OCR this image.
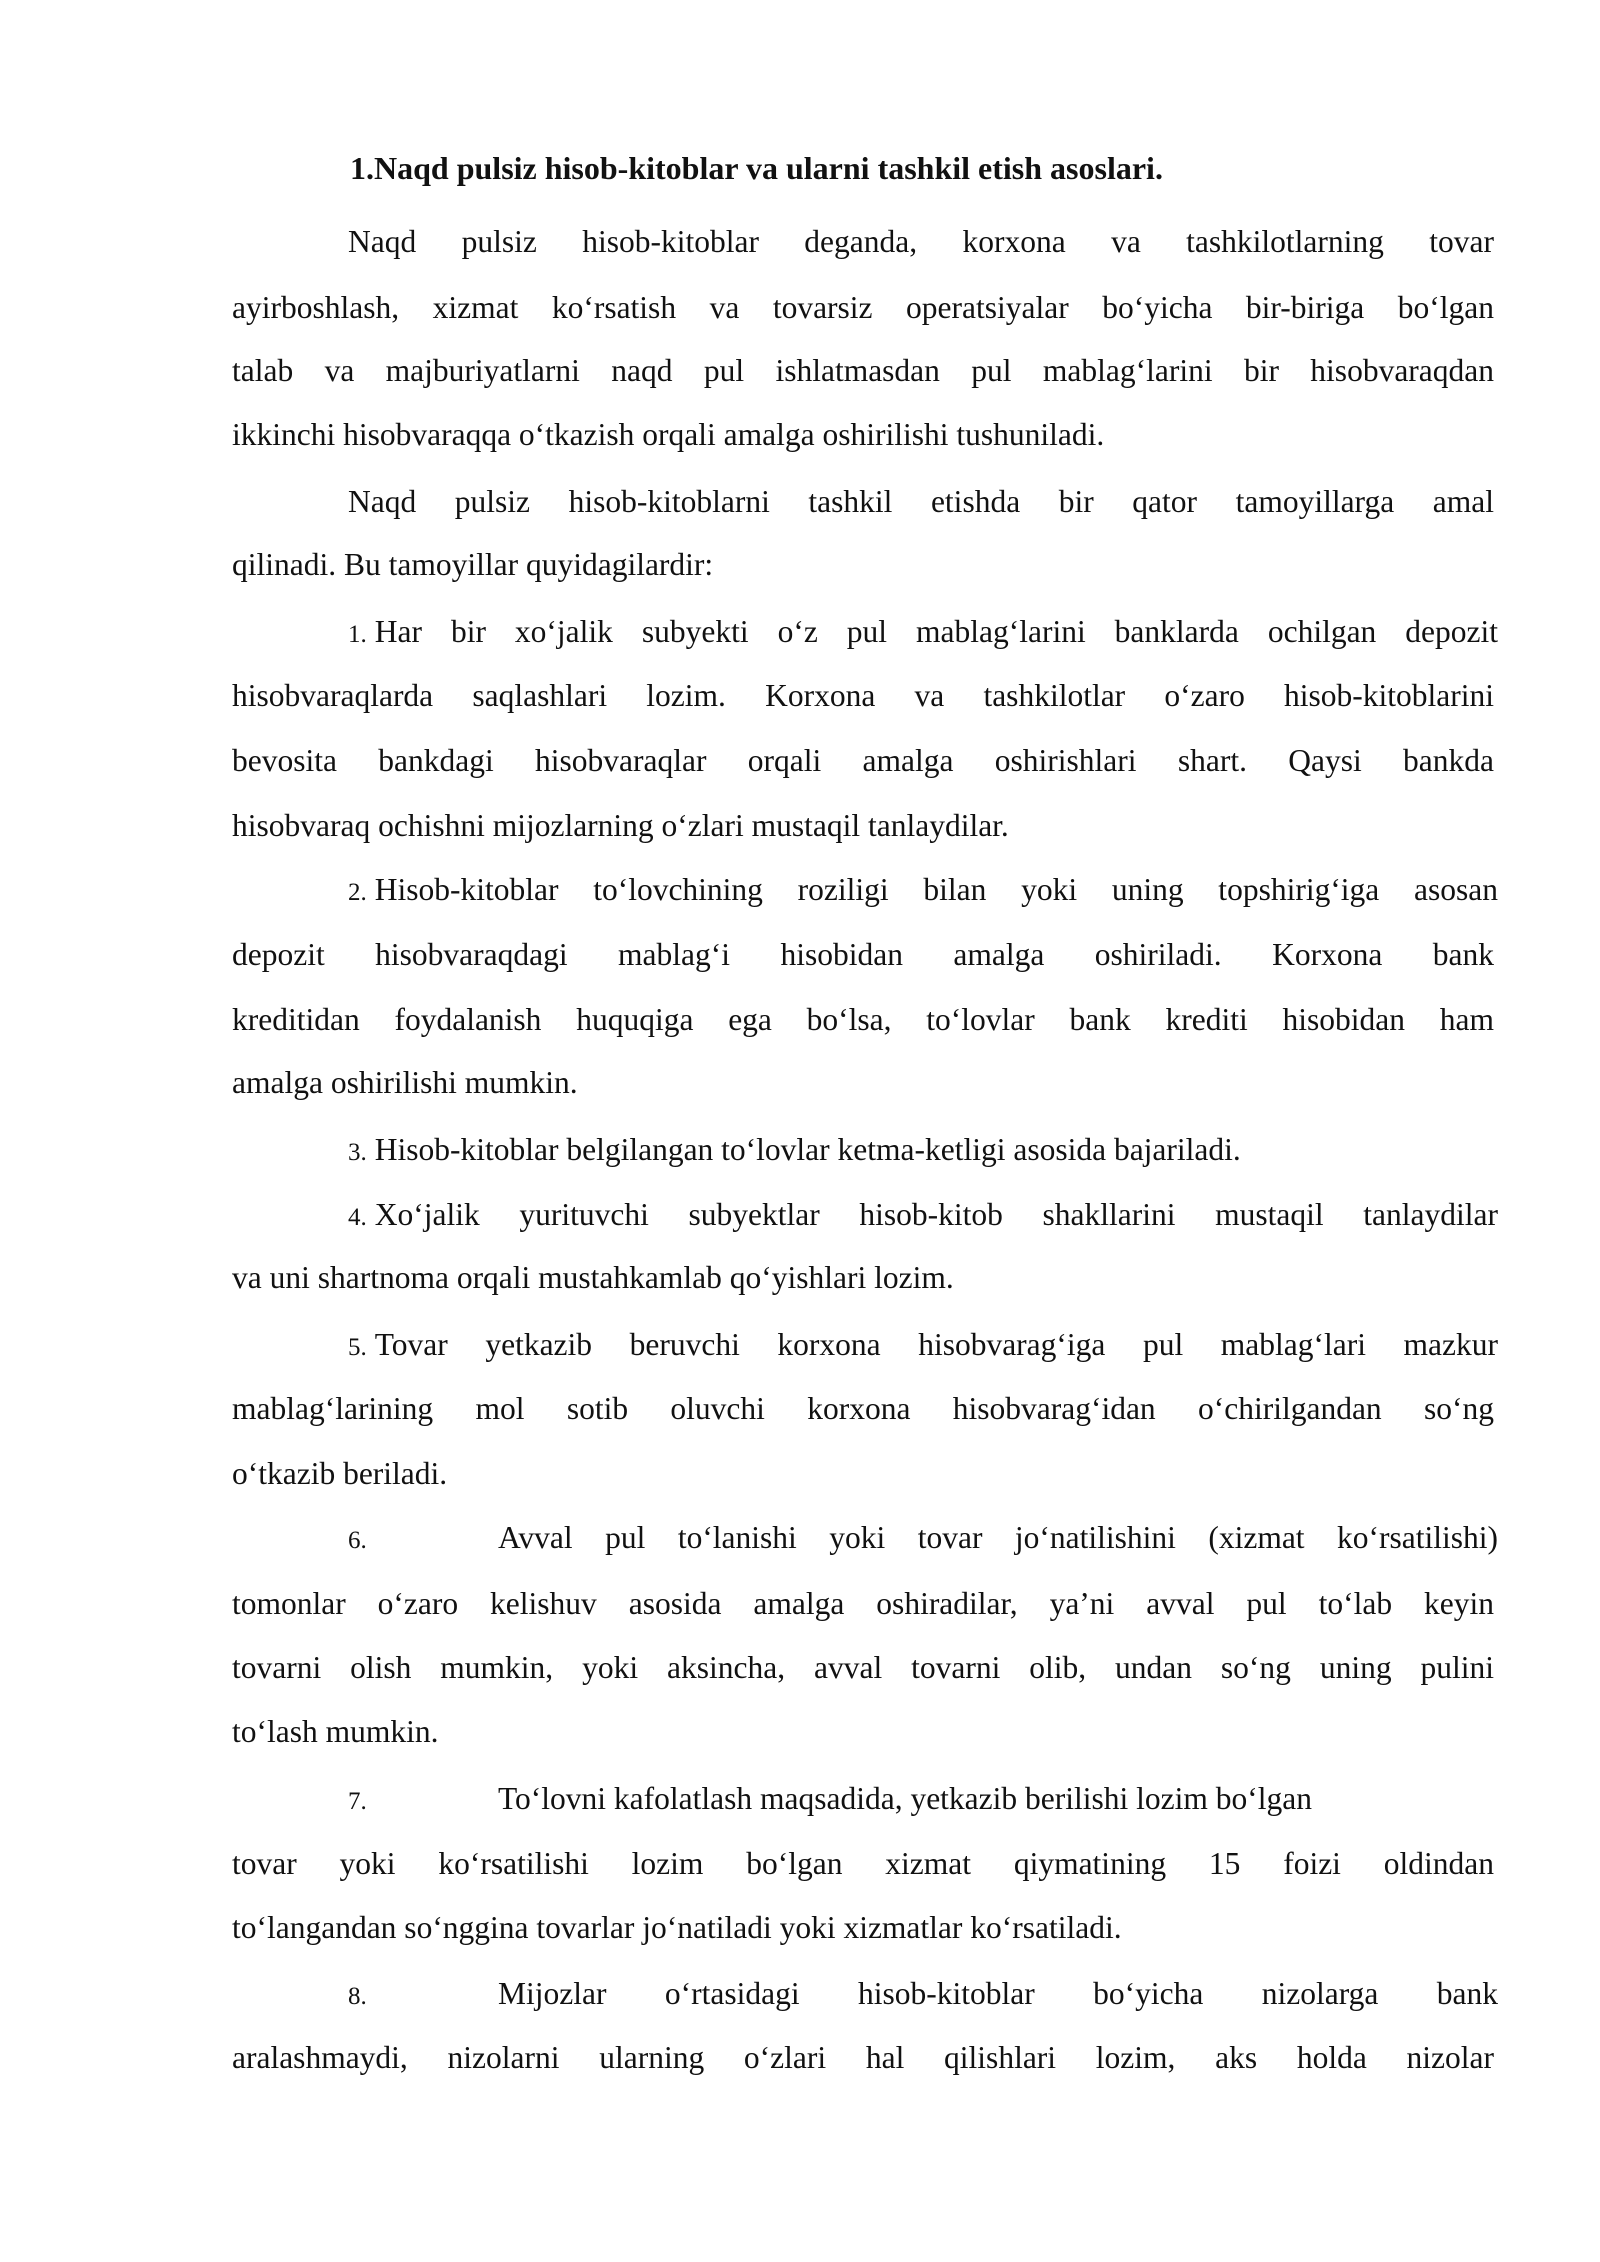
1.Naqd pulsiz hisob-kitoblar va ularni tashkil etish asoslari.

Naqd pulsiz hisob-kitoblar deganda, korxona va tashkilotlarning tovar

ayirboshlash, xizmat koʻrsatish va tovarsiz operatsiyalar boʻyicha bir-biriga boʻlgan

talab va majburiyatlarni naqd pul ishlatmasdan pul mablagʻlarini bir hisobvaraqdan

ikkinchi hisobvaraqqa oʻtkazish orqali amalga oshirilishi tushuniladi.

Naqd pulsiz hisob-kitoblarni tashkil etishda bir qator tamoyillarga amal

qilinadi. Bu tamoyillar quyidagilardir:

1. Har bir xoʻjalik subyekti oʻz pul mablagʻlarini banklarda ochilgan depozit

hisobvaraqlarda saqlashlari lozim. Korxona va tashkilotlar oʻzaro hisob-kitoblarini

bevosita bankdagi hisobvaraqlar orqali amalga oshirishlari shart. Qaysi bankda

hisobvaraq ochishni mijozlarning oʻzlari mustaqil tanlaydilar.

2. Hisob-kitoblar toʻlovchining roziligi bilan yoki uning topshirigʻiga asosan

depozit hisobvaraqdagi mablagʻi hisobidan amalga oshiriladi. Korxona bank

kreditidan foydalanish huquqiga ega boʻlsa, toʻlovlar bank krediti hisobidan ham

amalga oshirilishi mumkin.

3. Hisob-kitoblar belgilangan toʻlovlar ketma-ketligi asosida bajariladi.

4. Xoʻjalik yurituvchi subyektlar hisob-kitob shakllarini mustaqil tanlaydilar

va uni shartnoma orqali mustahkamlab qoʻyishlari lozim.

5. Tovar yetkazib beruvchi korxona hisobvaragʻiga pul mablagʻlari mazkur

mablagʻlarining mol sotib oluvchi korxona hisobvaragʻidan oʻchirilgandan soʻng

oʻtkazib beriladi.

6.	Avval pul toʻlanishi yoki tovar joʻnatilishini (xizmat koʻrsatilishi)

tomonlar oʻzaro kelishuv asosida amalga oshiradilar, yaʼni avval pul toʻlab keyin

tovarni olish mumkin, yoki aksincha, avval tovarni olib, undan soʻng uning pulini

toʻlash mumkin.

7.	Toʻlovni kafolatlash maqsadida, yetkazib berilishi lozim boʻlgan

tovar yoki koʻrsatilishi lozim boʻlgan xizmat qiymatining 15 foizi oldindan

toʻlangandan soʻnggina tovarlar joʻnatiladi yoki xizmatlar koʻrsatiladi.

8.	Mijozlar oʻrtasidagi hisob-kitoblar boʻyicha nizolarga bank

aralashmaydi, nizolarni ularning oʻzlari hal qilishlari lozim, aks holda nizolar
